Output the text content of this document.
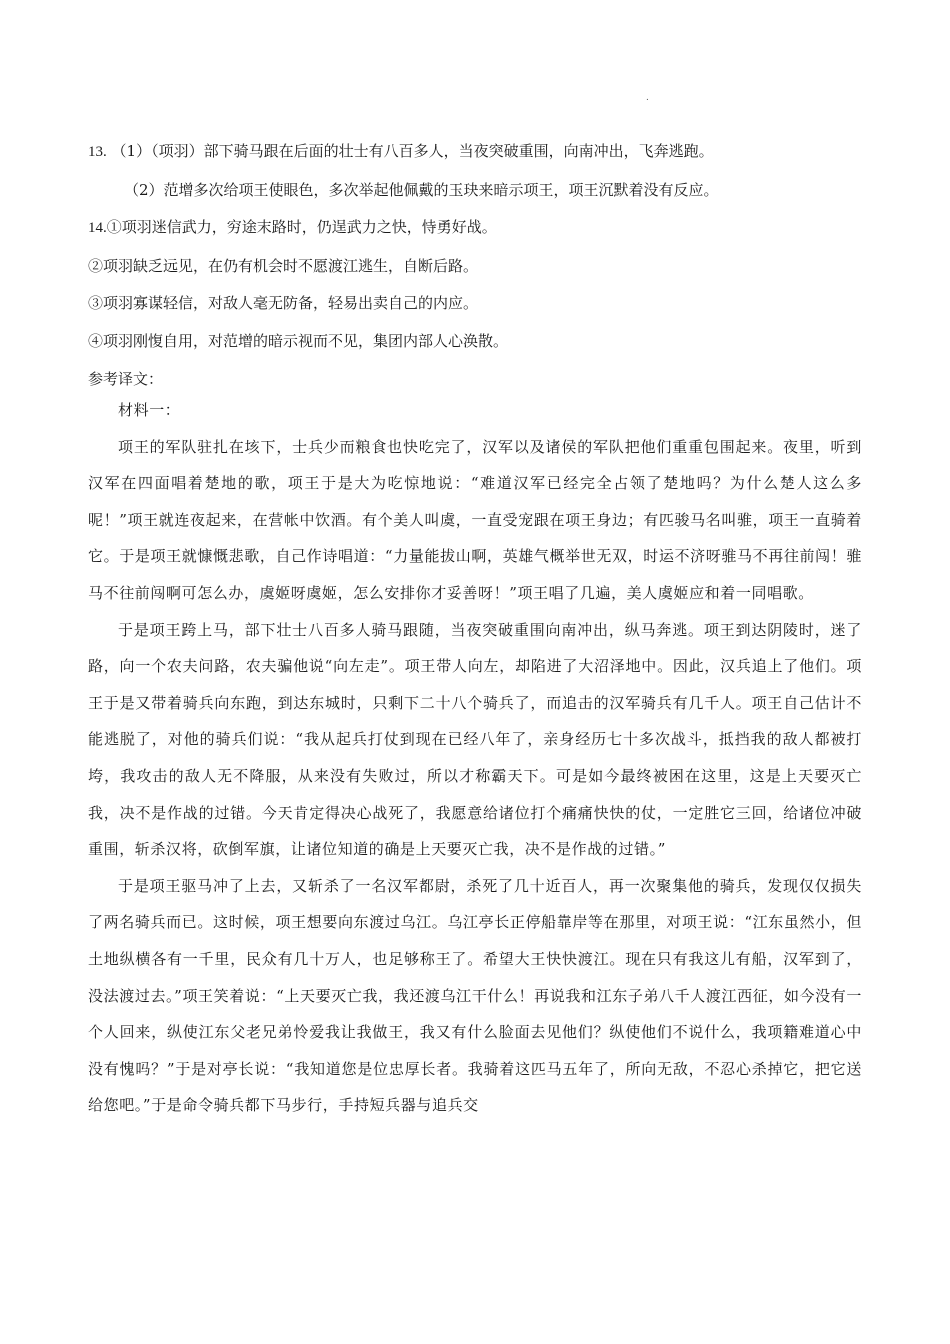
.

13. （1）（项羽）部下骑马跟在后面的壮士有八百多人，当夜突破重围，向南冲出，飞奔逃跑。

（2）范增多次给项王使眼色，多次举起他佩戴的玉玦来暗示项王，项王沉默着没有反应。

14.①项羽迷信武力，穷途末路时，仍逞武力之快，恃勇好战。

②项羽缺乏远见，在仍有机会时不愿渡江逃生，自断后路。

③项羽寡谋轻信，对敌人毫无防备，轻易出卖自己的内应。

④项羽刚愎自用，对范增的暗示视而不见，集团内部人心涣散。

参考译文：

材料一：

项王的军队驻扎在垓下，士兵少而粮食也快吃完了，汉军以及诸侯的军队把他们重重包围起来。夜里，听到汉军在四面唱着楚地的歌，项王于是大为吃惊地说：“难道汉军已经完全占领了楚地吗？为什么楚人这么多呢！”项王就连夜起来，在营帐中饮酒。有个美人叫虞，一直受宠跟在项王身边；有匹骏马名叫骓，项王一直骑着它。于是项王就慷慨悲歌，自己作诗唱道：“力量能拔山啊，英雄气概举世无双，时运不济呀骓马不再往前闯！骓马不往前闯啊可怎么办，虞姬呀虞姬，怎么安排你才妥善呀！”项王唱了几遍，美人虞姬应和着一同唱歌。

于是项王跨上马，部下壮士八百多人骑马跟随，当夜突破重围向南冲出，纵马奔逃。项王到达阴陵时，迷了路，向一个农夫问路，农夫骗他说“向左走”。项王带人向左，却陷进了大沼泽地中。因此，汉兵追上了他们。项王于是又带着骑兵向东跑，到达东城时，只剩下二十八个骑兵了，而追击的汉军骑兵有几千人。项王自己估计不能逃脱了，对他的骑兵们说：“我从起兵打仗到现在已经八年了，亲身经历七十多次战斗，抵挡我的敌人都被打垮，我攻击的敌人无不降服，从来没有失败过，所以才称霸天下。可是如今最终被困在这里，这是上天要灭亡我，决不是作战的过错。今天肯定得决心战死了，我愿意给诸位打个痛痛快快的仗，一定胜它三回，给诸位冲破重围，斩杀汉将，砍倒军旗，让诸位知道的确是上天要灭亡我，决不是作战的过错。”

于是项王驱马冲了上去，又斩杀了一名汉军都尉，杀死了几十近百人，再一次聚集他的骑兵，发现仅仅损失了两名骑兵而已。这时候，项王想要向东渡过乌江。乌江亭长正停船靠岸等在那里，对项王说：“江东虽然小，但土地纵横各有一千里，民众有几十万人，也足够称王了。希望大王快快渡江。现在只有我这儿有船，汉军到了，没法渡过去。”项王笑着说：“上天要灭亡我，我还渡乌江干什么！再说我和江东子弟八千人渡江西征，如今没有一个人回来，纵使江东父老兄弟怜爱我让我做王，我又有什么脸面去见他们？纵使他们不说什么，我项籍难道心中没有愧吗？”于是对亭长说：“我知道您是位忠厚长者。我骑着这匹马五年了，所向无敌，不忍心杀掉它，把它送给您吧。”于是命令骑兵都下马步行，手持短兵器与追兵交
